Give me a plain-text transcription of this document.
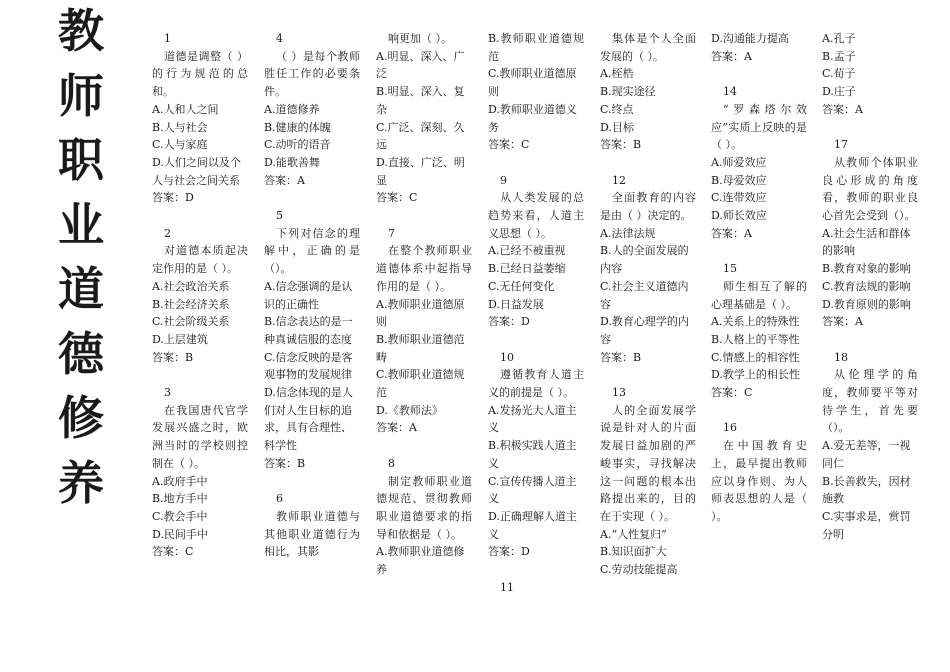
教
师
职
业
道
德
修
养
1
道德是调整（ ）的行为规范的总和。
A.人和人之间
B.人与社会
C.人与家庭
D.人们之间以及个人与社会之间关系
答案：D
2
对道德本质起决定作用的是（ ）。
A.社会政治关系
B.社会经济关系
C.社会阶级关系
D.上层建筑
答案：B
3
在我国唐代官学发展兴盛之时，欧洲当时的学校则控制在（ ）。
A.政府手中
B.地方手中
C.教会手中
D.民间手中
答案：C
4
（ ）是每个教师胜任工作的必要条件。
A.道德修养
B.健康的体魄
C.动听的语音
D.能歌善舞
答案：A
5
下列对信念的理解中，正确的是（）。
A.信念强调的是认识的正确性
B.信念表达的是一种真诚信服的态度
C.信念反映的是客观事物的发展规律
D.信念体现的是人们对人生目标的追求，具有合理性、科学性
答案：B
6
教师职业道德与其他职业道德行为相比，其影
响更加（ ）。
A.明显、深入、广泛
B.明显、深入、复杂
C.广泛、深刻、久远
D.直接、广泛、明显
答案：C
7
在整个教师职业道德体系中起指导作用的是（ ）。
A.教师职业道德原则
B.教师职业道德范畴
C.教师职业道德规范
D.《教师法》
答案：A
8
制定教师职业道德规范、贯彻教师职业道德要求的指导和依据是（ ）。
A.教师职业道德修养
B.教师职业道德规范
C.教师职业道德原则
D.教师职业道德义务
答案：C
9
从人类发展的总趋势来看，人道主义思想（ ）。
A.已经不被重视
B.已经日益萎缩
C.无任何变化
D.日益发展
答案：D
10
遵循教育人道主义的前提是（ ）。
A.发扬光大人道主义
B.积极实践人道主义
C.宣传传播人道主义
D.正确理解人道主义
答案：D
11
集体是个人全面发展的（ ）。
A.桎梏
B.现实途径
C.终点
D.目标
答案：B
12
全面教育的内容是由（ ）决定的。
A.法律法规
B.人的全面发展的内容
C.社会主义道德内容
D.教育心理学的内容
答案：B
13
人的全面发展学说是针对人的片面发展日益加剧的严峻事实，寻找解决这一问题的根本出路提出来的，目的在于实现（ ）。
A.“人性复归”
B.知识面扩大
C.劳动技能提高
D.沟通能力提高
答案：A
14
“罗森塔尔效应”实质上反映的是（ ）。
A.师爱效应
B.母爱效应
C.连带效应
D.师长效应
答案：A
15
师生相互了解的心理基础是（ ）。
A.关系上的特殊性
B.人格上的平等性
C.情感上的相容性
D.教学上的相长性
答案：C
16
在中国教育史上，最早提出教师应以身作则、为人师表思想的人是（ ）。
A.孔子
B.孟子
C.荀子
D.庄子
答案：A
17
从教师个体职业良心形成的角度看，教师的职业良心首先会受到（）。
A.社会生活和群体的影响
B.教育对象的影响
C.教育法规的影响
D.教育原则的影响
答案：A
18
从伦理学的角度，教师要平等对待学生，首先要（）。
A.爱无差等，一视同仁
B.长善救失，因材施教
C.实事求是，赏罚分明
